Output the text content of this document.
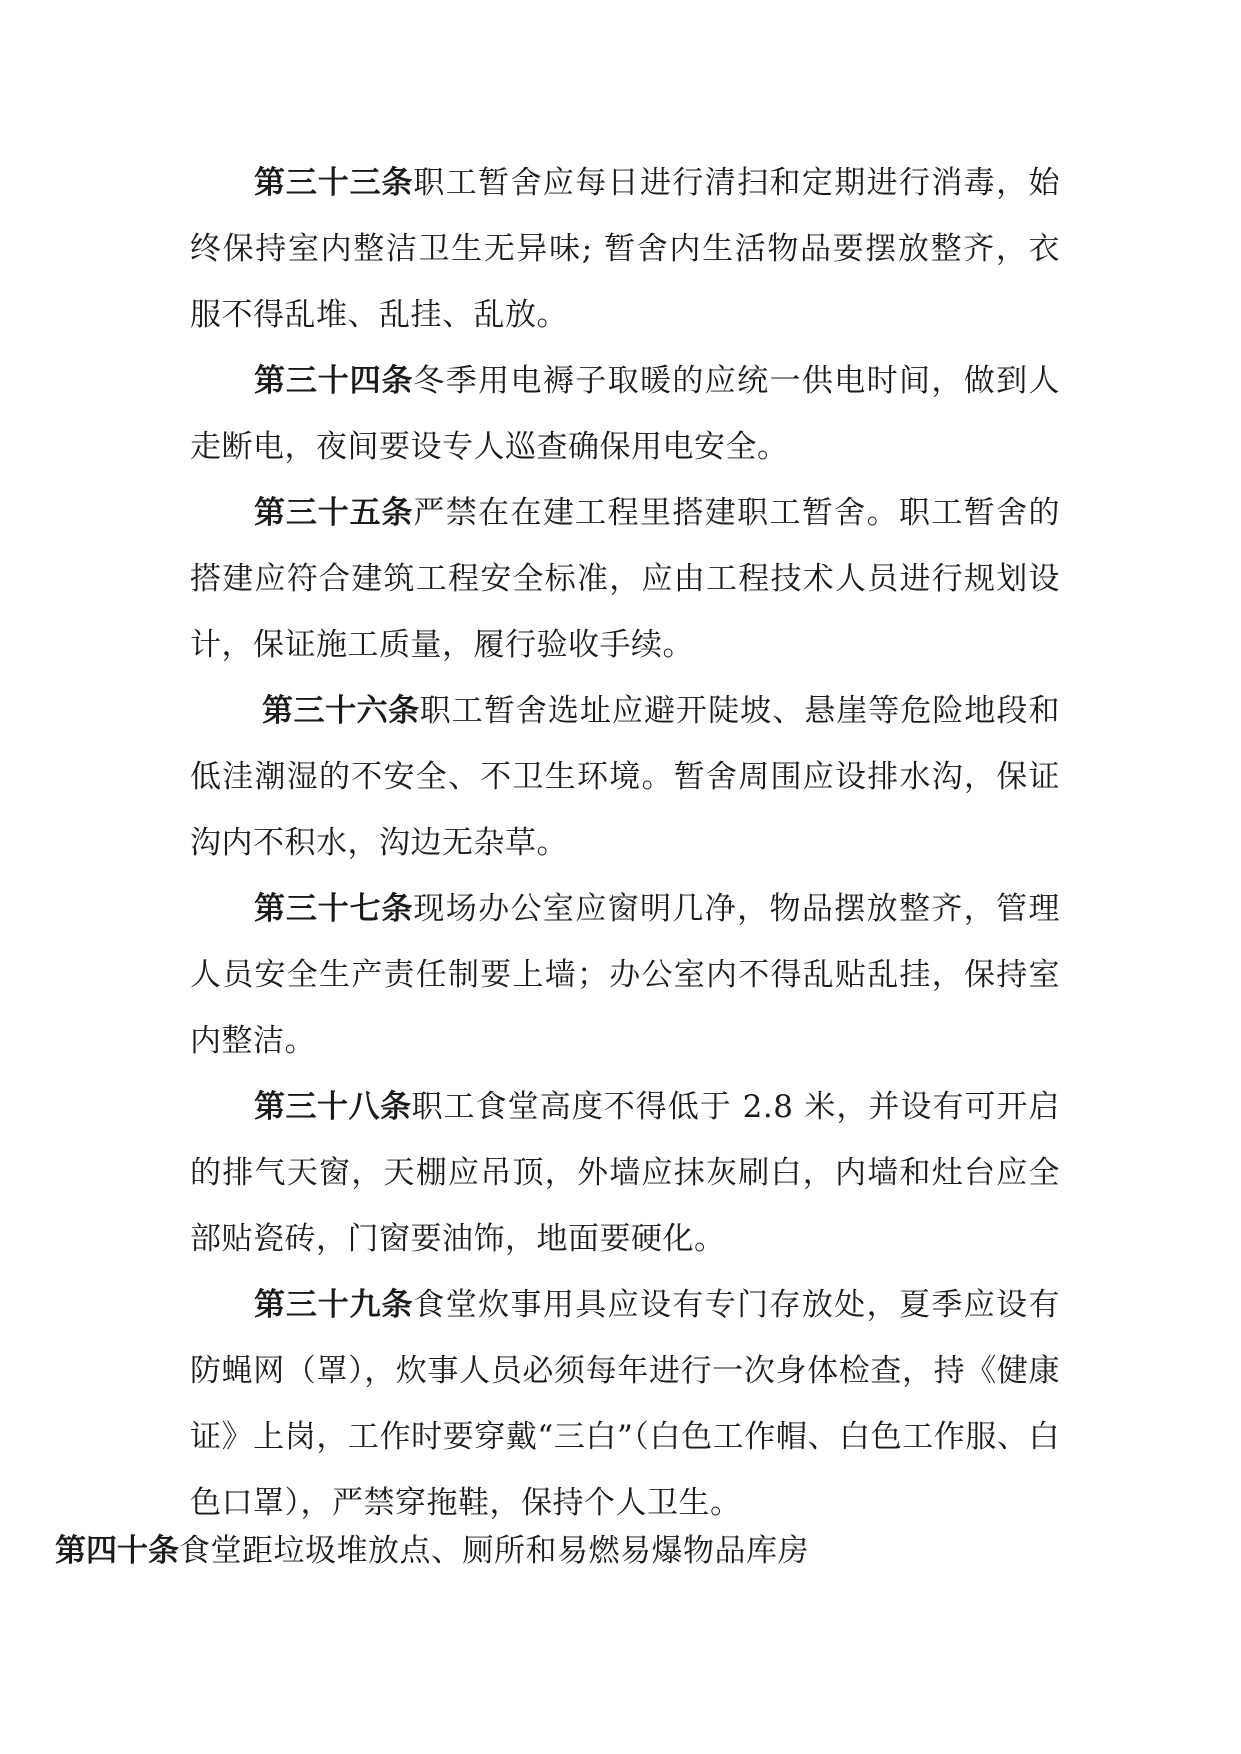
第三十三条职工暂舍应每日进行清扫和定期进行消毒，始终保持室内整洁卫生无异味; 暂舍内生活物品要摆放整齐，衣服不得乱堆、乱挂、乱放。

第三十四条冬季用电褥子取暖的应统一供电时间，做到人走断电，夜间要设专人巡查确保用电安全。

第三十五条严禁在在建工程里搭建职工暂舍。职工暂舍的搭建应符合建筑工程安全标准，应由工程技术人员进行规划设计，保证施工质量，履行验收手续。

第三十六条职工暂舍选址应避开陡坡、悬崖等危险地段和低洼潮湿的不安全、不卫生环境。暂舍周围应设排水沟，保证沟内不积水，沟边无杂草。

第三十七条现场办公室应窗明几净，物品摆放整齐，管理人员安全生产责任制要上墙；办公室内不得乱贴乱挂，保持室内整洁。

第三十八条职工食堂高度不得低于 2.8 米，并设有可开启的排气天窗，天棚应吊顶，外墙应抹灰刷白，内墙和灶台应全部贴瓷砖，门窗要油饰，地面要硬化。

第三十九条食堂炊事用具应设有专门存放处，夏季应设有防蝇网（罩），炊事人员必须每年进行一次身体检查，持《健康证》上岗，工作时要穿戴“三白”（白色工作帽、白色工作服、白色口罩），严禁穿拖鞋，保持个人卫生。

第四十条食堂距垃圾堆放点、厕所和易燃易爆物品库房
